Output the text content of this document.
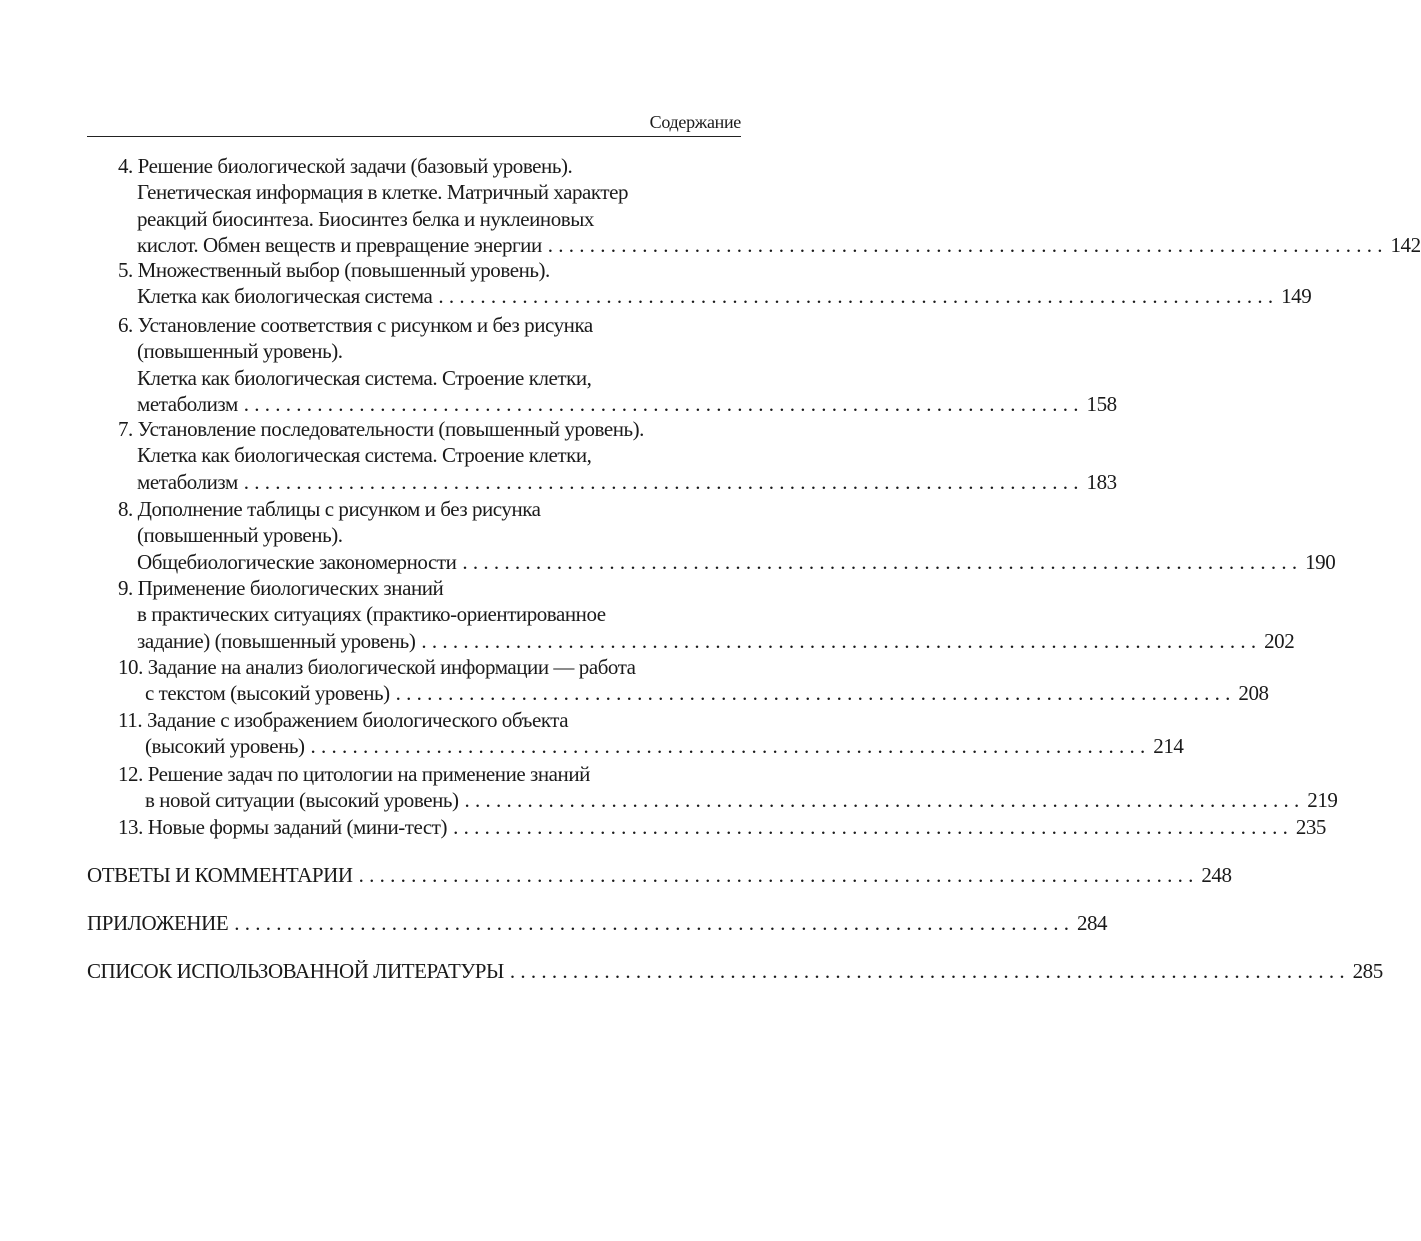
Содержание
4. Решение биологической задачи (базовый уровень).
Генетическая информация в клетке. Матричный характер
реакций биосинтеза. Биосинтез белка и нуклеиновых
кислот. Обмен веществ и превращение энергии . . . . . . . . . . . . . . . . . . . . . . . . . . . . . . . . . . . . . . . . . . . . . . . . . . . . . . . . . . . . . . . . . . . . . . . . . . . . . . . . 142
5. Множественный выбор (повышенный уровень).
Клетка как биологическая система . . . . . . . . . . . . . . . . . . . . . . . . . . . . . . . . . . . . . . . . . . . . . . . . . . . . . . . . . . . . . . . . . . . . . . . . . . . . . . . . 149
6. Установление соответствия с рисунком и без рисунка
(повышенный уровень).
Клетка как биологическая система. Строение клетки,
метаболизм . . . . . . . . . . . . . . . . . . . . . . . . . . . . . . . . . . . . . . . . . . . . . . . . . . . . . . . . . . . . . . . . . . . . . . . . . . . . . . . . 158
7. Установление последовательности (повышенный уровень).
Клетка как биологическая система. Строение клетки,
метаболизм . . . . . . . . . . . . . . . . . . . . . . . . . . . . . . . . . . . . . . . . . . . . . . . . . . . . . . . . . . . . . . . . . . . . . . . . . . . . . . . . 183
8. Дополнение таблицы с рисунком и без рисунка
(повышенный уровень).
Общебиологические закономерности . . . . . . . . . . . . . . . . . . . . . . . . . . . . . . . . . . . . . . . . . . . . . . . . . . . . . . . . . . . . . . . . . . . . . . . . . . . . . . . . 190
9. Применение биологических знаний
в практических ситуациях (практико-ориентированное
задание) (повышенный уровень) . . . . . . . . . . . . . . . . . . . . . . . . . . . . . . . . . . . . . . . . . . . . . . . . . . . . . . . . . . . . . . . . . . . . . . . . . . . . . . . . 202
10. Задание на анализ биологической информации — работа
с текстом (высокий уровень) . . . . . . . . . . . . . . . . . . . . . . . . . . . . . . . . . . . . . . . . . . . . . . . . . . . . . . . . . . . . . . . . . . . . . . . . . . . . . . . . 208
11. Задание с изображением биологического объекта
(высокий уровень) . . . . . . . . . . . . . . . . . . . . . . . . . . . . . . . . . . . . . . . . . . . . . . . . . . . . . . . . . . . . . . . . . . . . . . . . . . . . . . . . 214
12. Решение задач по цитологии на применение знаний
в новой ситуации (высокий уровень) . . . . . . . . . . . . . . . . . . . . . . . . . . . . . . . . . . . . . . . . . . . . . . . . . . . . . . . . . . . . . . . . . . . . . . . . . . . . . . . . 219
13. Новые формы заданий (мини-тест) . . . . . . . . . . . . . . . . . . . . . . . . . . . . . . . . . . . . . . . . . . . . . . . . . . . . . . . . . . . . . . . . . . . . . . . . . . . . . . . . 235
ОТВЕТЫ И КОММЕНТАРИИ . . . . . . . . . . . . . . . . . . . . . . . . . . . . . . . . . . . . . . . . . . . . . . . . . . . . . . . . . . . . . . . . . . . . . . . . . . . . . . . . 248
ПРИЛОЖЕНИЕ . . . . . . . . . . . . . . . . . . . . . . . . . . . . . . . . . . . . . . . . . . . . . . . . . . . . . . . . . . . . . . . . . . . . . . . . . . . . . . . . 284
СПИСОК ИСПОЛЬЗОВАННОЙ ЛИТЕРАТУРЫ . . . . . . . . . . . . . . . . . . . . . . . . . . . . . . . . . . . . . . . . . . . . . . . . . . . . . . . . . . . . . . . . . . . . . . . . . . . . . . . . 285
